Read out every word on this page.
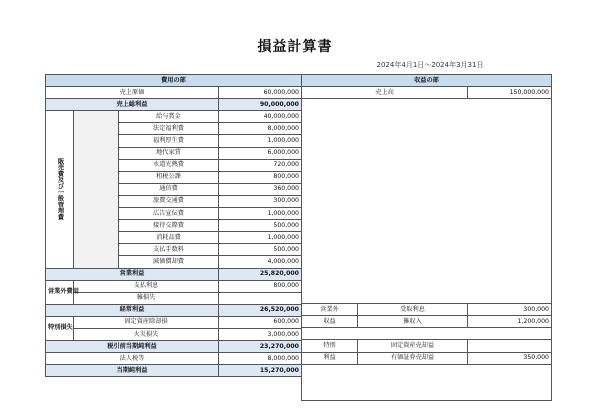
損益計算書
2024年4月1日～2024年3月31日
費用の部			
売上原価			60,000,000
売上総利益			90,000,000
販売費及び一般管理費		給与賞金	40,000,000
		法定福利費	8,000,000
		福利厚生費	1,000,000
		地代家賃	6,000,000
		水道光熱費	720,000
		租税公課	800,000
		通信費	360,000
		旅費交通費	300,000
		広告宣伝費	1,000,000
		接待交際費	500,000
		消耗品費	1,000,000
		支払手数料	500,000
		減価償却費	4,000,000
営業利益			25,820,000
営業外費用	支払利息		800,000
	雑損失		
経常利益			26,520,000
特別損失	固定資産除却損		600,000
	火災損失		3,000,000
税引前当期純利益			23,270,000
法人税等			8,000,000
当期純利益			15,270,000
収益の部		
売上高		150,000,000

営業外	受取利息	300,000
収益	雑収入	1,200,000

特別	固定資産売却益	
利益	有価証券売却益	350,000
